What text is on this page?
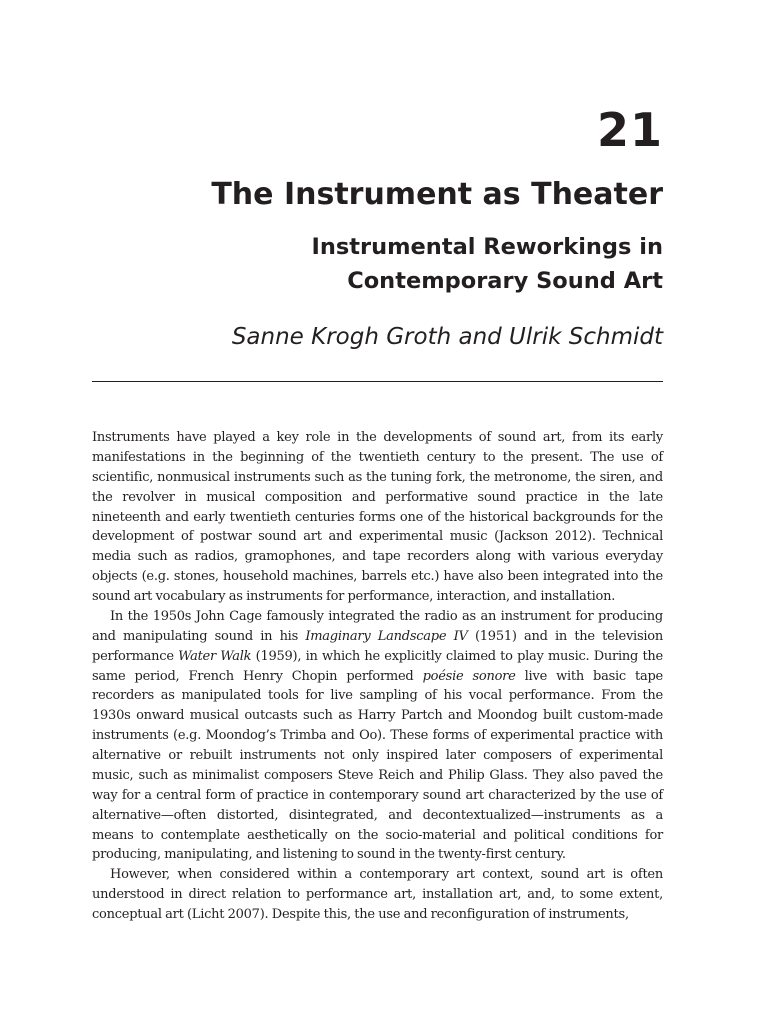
21
The Instrument as Theater
Instrumental Reworkings in
Contemporary Sound Art
Sanne Krogh Groth and Ulrik Schmidt

Instruments have played a key role in the developments of sound art, from its early manifestations in the beginning of the twentieth century to the present. The use of scientific, nonmusical instruments such as the tuning fork, the metronome, the siren, and the revolver in musical composition and performative sound practice in the late nineteenth and early twentieth centuries forms one of the historical backgrounds for the development of postwar sound art and experimental music (Jackson 2012). Technical media such as radios, gramophones, and tape recorders along with various everyday objects (e.g. stones, household machines, barrels etc.) have also been integrated into the sound art vocabulary as instruments for performance, interaction, and installation.

In the 1950s John Cage famously integrated the radio as an instrument for producing and manipulating sound in his Imaginary Landscape IV (1951) and in the television performance Water Walk (1959), in which he explicitly claimed to play music. During the same period, French Henry Chopin performed poésie sonore live with basic tape recorders as manipulated tools for live sampling of his vocal performance. From the 1930s onward musical outcasts such as Harry Partch and Moondog built custom-made instruments (e.g. Moondog’s Trimba and Oo). These forms of experimental practice with alternative or rebuilt instruments not only inspired later composers of experimental music, such as minimalist composers Steve Reich and Philip Glass. They also paved the way for a central form of practice in contemporary sound art characterized by the use of alternative—often distorted, disintegrated, and decontextualized—instruments as a means to contemplate aesthetically on the socio-material and political conditions for producing, manipulating, and listening to sound in the twenty-first century.

However, when considered within a contemporary art context, sound art is often understood in direct relation to performance art, installation art, and, to some extent, conceptual art (Licht 2007). Despite this, the use and reconfiguration of instruments,
